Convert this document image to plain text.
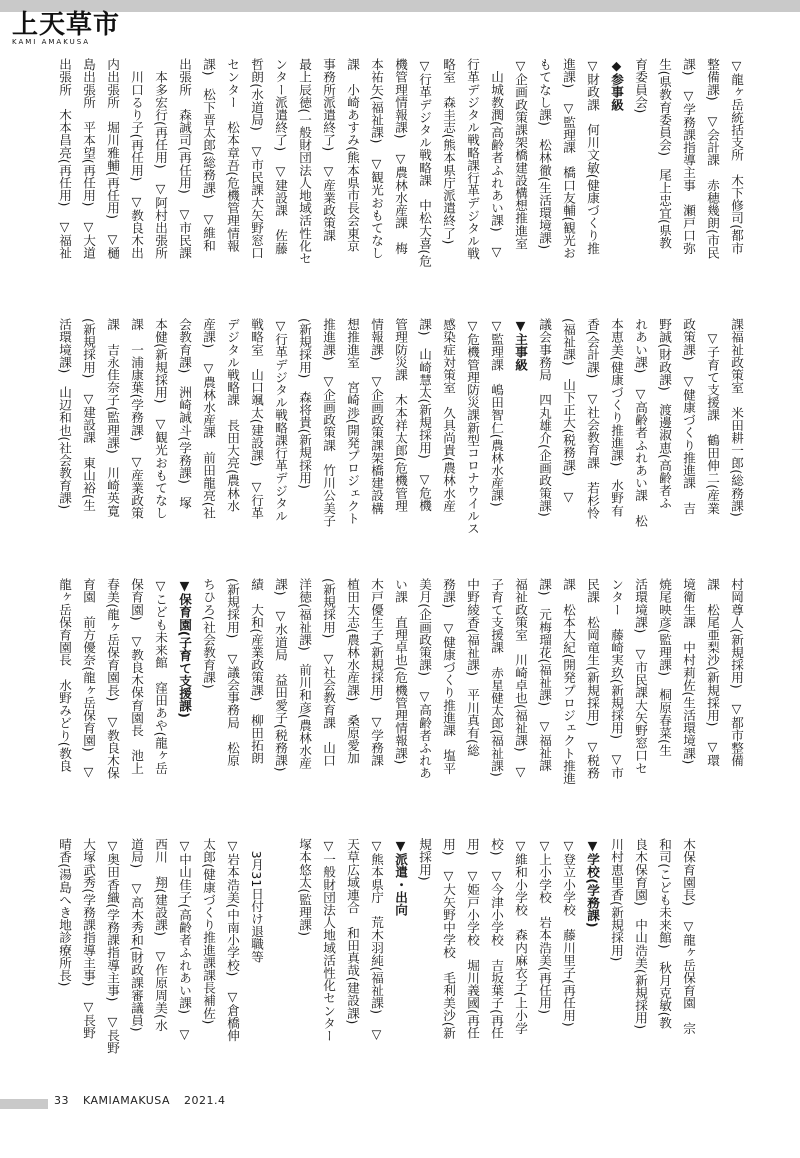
上天草市
KAMI AMAKUSA
▽龍ヶ岳統括支所　木下修司(都市
整備課)　▽会計課　赤穂幾朗(市民
課)　▽学務課指導主事　瀬戸口弥
生(県教育委員会)　尾上忠宜(県教
育委員会)
◆参事級
▽財政課　何川文敏(健康づくり推
進課)　▽監理課　橋口友輔(観光お
もてなし課)　松林徹(生活環境課)
▽企画政策課架橋建設構想推進室
　山城教潤(高齢者ふれあい課)　▽
行革デジタル戦略課行革デジタル戦
略室　森圭志(熊本県庁派遣終了)
▽行革デジタル戦略課　中松大喜(危
機管理情報課)　▽農林水産課　梅
本祐矢(福祉課)　▽観光おもてなし
課　小崎あすみ(熊本県市長会東京
事務所派遣終了)　▽産業政策課
最上辰徳(一般財団法人地域活性化セ
ンター派遣終了)　▽建設課　佐藤
哲朗(水道局)　▽市民課大矢野窓口
センター　松本章吾(危機管理情報
課)　松下晋太郎(総務課)　▽維和
出張所　森誠司(再任用)　▽市民課
　本多宏行(再任用)　▽阿村出張所
　川口るり子(再任用)　▽教良木出
内出張所　堀川雅輔(再任用)　▽樋
島出張所　平本望(再任用)　▽大道
出張所　木本昌亮(再任用)　▽福祉
課福祉政策室　米田耕一郎(総務課)
　▽子育て支援課　鶴田伸二(産業
政策課)　▽健康づくり推進課　吉
野誠(財政課)　渡邊淑恵(高齢者ふ
れあい課)　▽高齢者ふれあい課　松
本恵美(健康づくり推進課)　水野有
香(会計課)　▽社会教育課　若杉怜
(福祉課)　山下正大(税務課)　▽
議会事務局　四丸雄介(企画政策課)
▼主事級
▽監理課　嶋田智仁(農林水産課)
▽危機管理防災課新型コロナウイルス
感染症対策室　久具尚貴(農林水産
課)　山崎慧太(新規採用)　▽危機
管理防災課　木本祥太郎(危機管理
情報課)　▽企画政策課架橋建設構
想推進室　宮崎渉(開発プロジェクト
推進課)　▽企画政策課　竹川公美子
(新規採用)　森将貴(新規採用)
▽行革デジタル戦略課行革デジタル
戦略室　山口颯太(建設課)　▽行革
デジタル戦略課　長田大亮(農林水
産課)　▽農林水産課　前田龍亮(社
会教育課)　洲崎誠斗(学務課)　塚
本健(新規採用)　▽観光おもてなし
課　一浦康葉(学務課)　▽産業政策
課　吉永佳奈子(監理課)　川崎英寛
(新規採用)　▽建設課　東山裕(生
活環境課)　山辺和也(社会教育課)
村岡尊人(新規採用)　▽都市整備
課　松尾亜梨沙(新規採用)　▽環
境衛生課　中村莉佐(生活環境課)
焼尾映彦(監理課)　桐原春菜(生
活環境課)　▽市民課大矢野窓口セ
ンター　藤崎実玖(新規採用)　▽市
民課　松岡竜生(新規採用)　▽税務
課　松本大紀(開発プロジェクト推進
課)　元梅瑠花(福祉課)　▽福祉課
福祉政策室　川崎卓也(福祉課)　▽
子育て支援課　赤星健太郎(福祉課)
中野綾香(福祉課)　平川真有(総
務課)　▽健康づくり推進課　塩平
美月(企画政策課)　▽高齢者ふれあ
い課　直理卓也(危機管理情報課)
木戸優生子(新規採用)　▽学務課
植田大志(農林水産課)　桑原愛加
(新規採用)　▽社会教育課　山口
洋徳(福祉課)　前川和彦(農林水産
課)　▽水道局　益田愛子(税務課)
績　大和(産業政策課)　柳田拓朗
(新規採用)　▽議会事務局　松原
ちひろ(社会教育課)
▼保育園(子育て支援課)
▽こども未来館　窪田あや(龍ヶ岳
保育園)　▽教良木保育園長　池上
春美(龍ヶ岳保育園長)　▽教良木保
育園　前方優奈(龍ヶ岳保育園)　▽
龍ヶ岳保育園長　水野みどり(教良
木保育園長)　▽龍ヶ岳保育園　宗
和司(こども未来館)　秋月克敏(教
良木保育園)　中山浩美(新規採用)
川村恵里香(新規採用)
▼学校(学務課)
▽登立小学校　藤川里子(再任用)
▽上小学校　岩本浩美(再任用)
▽維和小学校　森内麻衣子(上小学
校)　▽今津小学校　吉坂葉子(再任
用)　▽姫戸小学校　堀川義國(再任
用)　▽大矢野中学校　毛利美沙(新
規採用)
▼派遣・出向
▽熊本県庁　荒木羽純(福祉課)　▽
天草広域連合　和田真哉(建設課)
▽一般財団法人地域活性化センター
塚本悠太(監理課)
　3月31日付け退職等
▽岩本浩美(中南小学校)　▽倉橋伸
太郎(健康づくり推進課課長補佐)
▽中山佳子(高齢者ふれあい課)　▽
西川　翔(建設課)　▽作原周美(水
道局)　▽高木秀和(財政課審議員)
▽奥田香織(学務課指導主事)　▽長野
大塚武秀(学務課指導主事)　▽長野
晴香(湯島へき地診療所長)
33 KAMIAMAKUSA 2021.4
